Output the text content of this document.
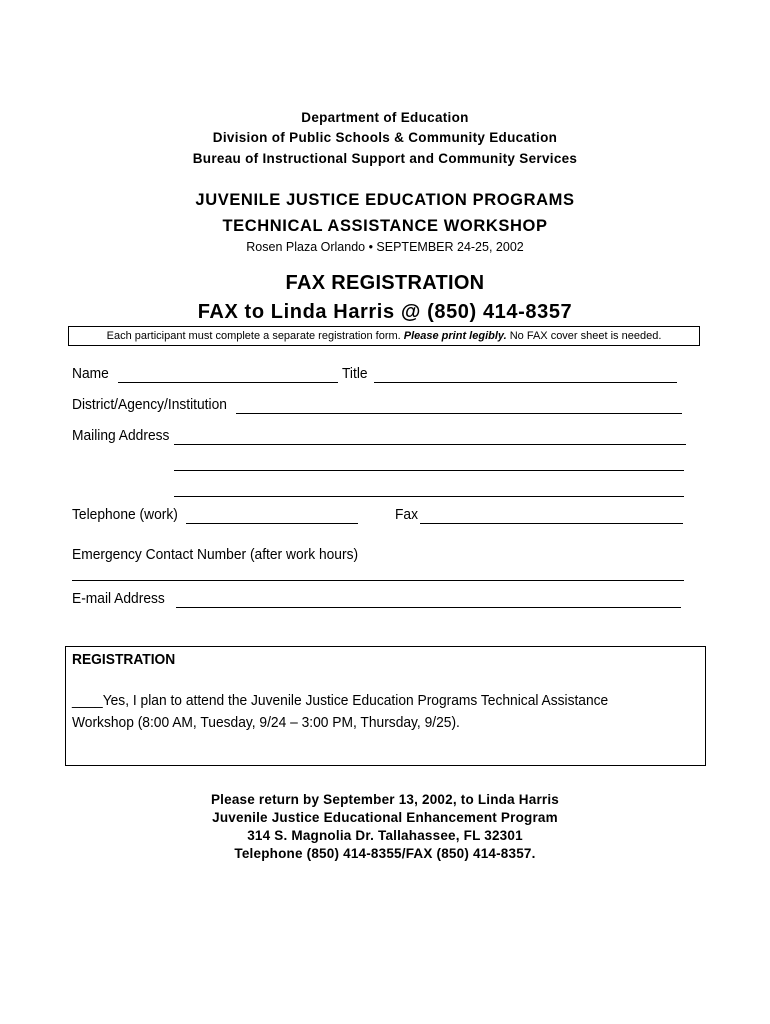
Department of Education
Division of Public Schools & Community Education
Bureau of Instructional Support and Community Services
JUVENILE JUSTICE EDUCATION PROGRAMS
TECHNICAL ASSISTANCE WORKSHOP
Rosen Plaza Orlando • SEPTEMBER 24-25, 2002
FAX REGISTRATION
FAX to Linda Harris @ (850) 414-8357
Each participant must complete a separate registration form. Please print legibly. No FAX cover sheet is needed.
Name	Title
District/Agency/Institution
Mailing Address
Telephone (work)	Fax
Emergency Contact Number (after work hours)
E-mail Address
REGISTRATION
____Yes, I plan to attend the Juvenile Justice Education Programs Technical Assistance
Workshop (8:00 AM, Tuesday, 9/24 – 3:00 PM, Thursday, 9/25).
Please return by September 13, 2002, to Linda Harris
Juvenile Justice Educational Enhancement Program
314 S. Magnolia Dr. Tallahassee, FL 32301
Telephone (850) 414-8355/FAX (850) 414-8357.
